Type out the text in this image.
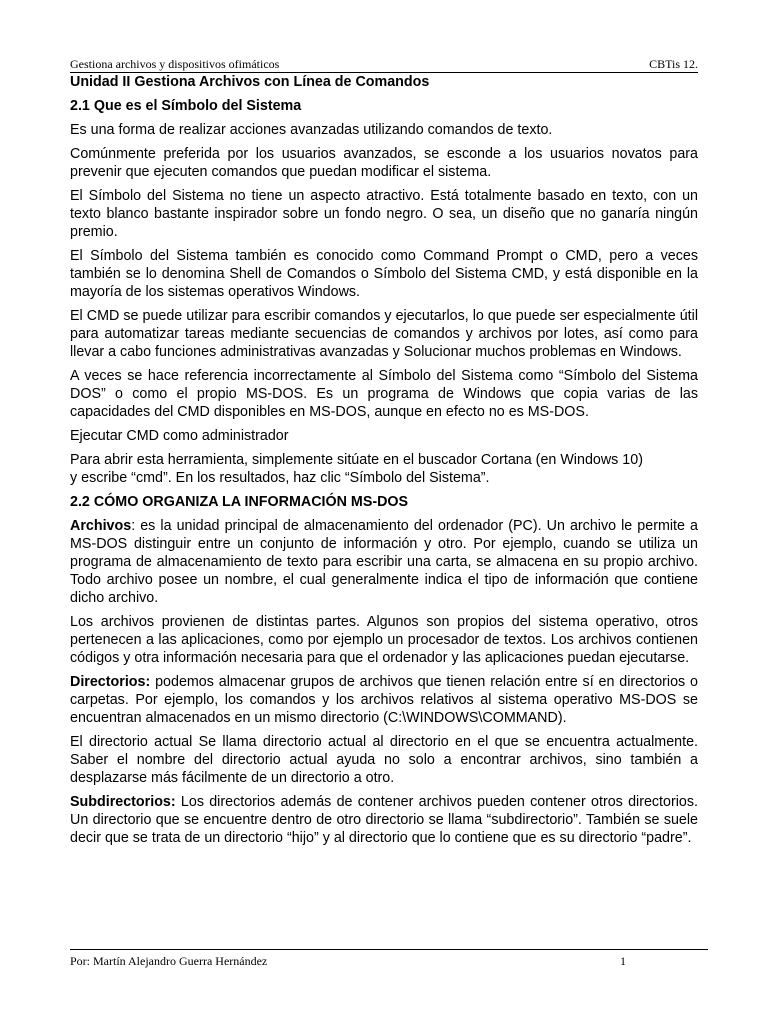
Gestiona archivos y dispositivos ofimáticos	CBTis 12.
Unidad II Gestiona Archivos con Línea de Comandos
2.1 Que es el Símbolo del Sistema

Es una forma de realizar acciones avanzadas utilizando comandos de texto.

Comúnmente preferida por los usuarios avanzados, se esconde a los usuarios novatos para prevenir que ejecuten comandos que puedan modificar el sistema.

El Símbolo del Sistema no tiene un aspecto atractivo. Está totalmente basado en texto, con un texto blanco bastante inspirador sobre un fondo negro. O sea, un diseño que no ganaría ningún premio.

El Símbolo del Sistema también es conocido como Command Prompt o CMD, pero a veces también se lo denomina Shell de Comandos o Símbolo del Sistema CMD, y está disponible en la mayoría de los sistemas operativos Windows.

El CMD se puede utilizar para escribir comandos y ejecutarlos, lo que puede ser especialmente útil para automatizar tareas mediante secuencias de comandos y archivos por lotes, así como para llevar a cabo funciones administrativas avanzadas y Solucionar muchos problemas en Windows.

A veces se hace referencia incorrectamente al Símbolo del Sistema como “Símbolo del Sistema DOS” o como el propio MS-DOS. Es un programa de Windows que copia varias de las capacidades del CMD disponibles en MS-DOS, aunque en efecto no es MS-DOS.

Ejecutar CMD como administrador

Para abrir esta herramienta, simplemente sitúate en el buscador Cortana (en Windows 10)

y escribe “cmd”. En los resultados, haz clic “Símbolo del Sistema”.

2.2 CÓMO ORGANIZA LA INFORMACIÓN MS-DOS

Archivos: es la unidad principal de almacenamiento del ordenador (PC). Un archivo le permite a MS-DOS distinguir entre un conjunto de información y otro. Por ejemplo, cuando se utiliza un programa de almacenamiento de texto para escribir una carta, se almacena en su propio archivo. Todo archivo posee un nombre, el cual generalmente indica el tipo de información que contiene dicho archivo.

Los archivos provienen de distintas partes. Algunos son propios del sistema operativo, otros pertenecen a las aplicaciones, como por ejemplo un procesador de textos. Los archivos contienen códigos y otra información necesaria para que el ordenador y las aplicaciones puedan ejecutarse.

Directorios: podemos almacenar grupos de archivos que tienen relación entre sí en directorios o carpetas. Por ejemplo, los comandos y los archivos relativos al sistema operativo MS-DOS se encuentran almacenados en un mismo directorio (C:\WINDOWS\COMMAND).

El directorio actual Se llama directorio actual al directorio en el que se encuentra actualmente. Saber el nombre del directorio actual ayuda no solo a encontrar archivos, sino también a desplazarse más fácilmente de un directorio a otro.

Subdirectorios: Los directorios además de contener archivos pueden contener otros directorios. Un directorio que se encuentre dentro de otro directorio se llama “subdirectorio”. También se suele decir que se trata de un directorio “hijo” y al directorio que lo contiene que es su directorio “padre”.

Por: Martín Alejandro Guerra Hernández	1
